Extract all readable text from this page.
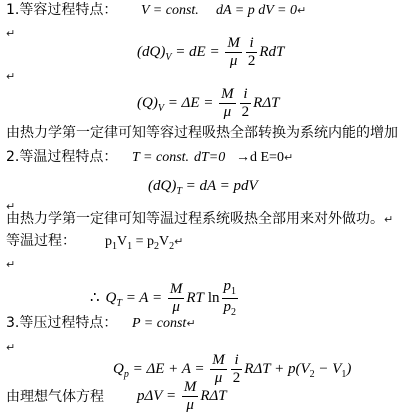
1.等容过程特点： V = const. dA = p dV = 0↵
↵
$(dQ)_V$ = dE = $\frac{M}{\mu} \frac{i}{2}$ RdT
↵
$(Q)_V = \Delta E = \frac{M}{\mu} \frac{i}{2}$ RΔT
由热力学第一定律可知等容过程吸热全部转换为系统内能的增加
2.等温过程特点： T = const. dT=0 →d E=0↵
$(dQ)_T$ = dA = pdV
↵
由热力学第一定律可知等温过程系统吸热全部用来对外做功。↵
等温过程： $p_1V_1$ = $p_2V_2↵$
↵
∴ $Q_T = A = \frac{M}{\mu}$ RT $\ln \frac{p_1}{p_2}$
3.等压过程特点： P = const↵
↵
$Q_p = \Delta E + A = \frac{M}{\mu} \frac{i}{2}$ $R\Delta T + p(V_2 - V_1)$
由理想气体方程 $p\Delta V = \frac{M}{\mu}$ RΔT
